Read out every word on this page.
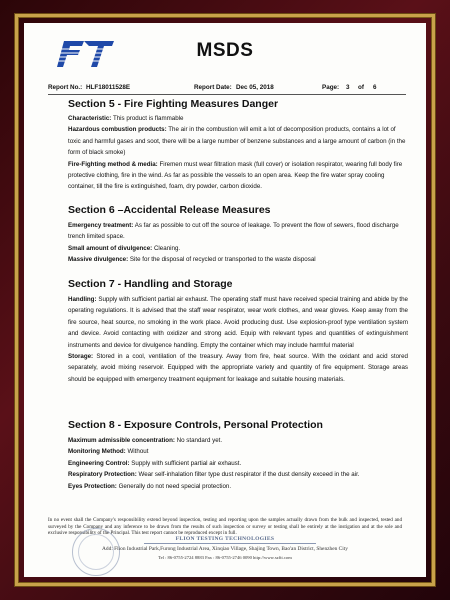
MSDS
Report No.: HLF18011528E	Report Date: Dec 05, 2018	Page: 3 of 6
Section 5 - Fire Fighting Measures Danger

Characteristic: This product is flammable

Hazardous combustion products: The air in the combustion will emit a lot of decomposition products, contains a lot of toxic and harmful gases and soot, there will be a large number of benzene substances and a large amount of carbon (in the form of black smoke)

Fire-Fighting method & media: Firemen must wear filtration mask (full cover) or isolation respirator, wearing full body fire protective clothing, fire in the wind. As far as possible the vessels to an open area. Keep the fire water spray cooling container, till the fire is extinguished, foam, dry powder, carbon dioxide.

Section 6 –Accidental Release Measures

Emergency treatment: As far as possible to cut off the source of leakage. To prevent the flow of sewers, flood discharge trench limited space.

Small amount of divulgence: Cleaning.

Massive divulgence: Site for the disposal of recycled or transported to the waste disposal

Section 7 - Handling and Storage

Handling: Supply with sufficient partial air exhaust. The operating staff must have received special training and abide by the operating regulations. It is advised that the staff wear respirator, wear work clothes, and wear gloves. Keep away from the fire source, heat source, no smoking in the work place. Avoid producing dust. Use explosion-proof type ventilation system and device. Avoid contacting with oxidizer and strong acid. Equip with relevant types and quantities of extinguishment instruments and device for divulgence handling. Empty the container which may include harmful material

Storage: Stored in a cool, ventilation of the treasury. Away from fire, heat source. With the oxidant and acid stored separately, avoid mixing reservoir. Equipped with the appropriate variety and quantity of fire equipment. Storage areas should be equipped with emergency treatment equipment for leakage and suitable housing materials.

Section 8 - Exposure Controls, Personal Protection

Maximum admissible concentration: No standard yet.

Monitoring Method: Without

Engineering Control: Supply with sufficient partial air exhaust.

Respiratory Protection: Wear self-inhalation filter type dust respirator if the dust density exceed in the air.

Eyes Protection: Generally do not need special protection.

In no event shall the Company's responsibility extend beyond inspection, testing and reporting upon the samples actually drawn from the bulk and inspected, tested and surveyed by the Company and any inference to be drawn from the results of such inspection or survey or testing shall be entirely at the instigation and at the sole and exclusive responsibility of the Principal. This test report cannot be reproduced except in full.
FLION TESTING TECHNOLOGIES
Add: Flion Industrial Park,Furong Industrial Area, Xinqiao Village, Shajing Town, Bao'an District, Shenzhen City
Tel : 86-0755-2724 8883 Fax : 86-0755-2746 0090 http://www.szftt.com
